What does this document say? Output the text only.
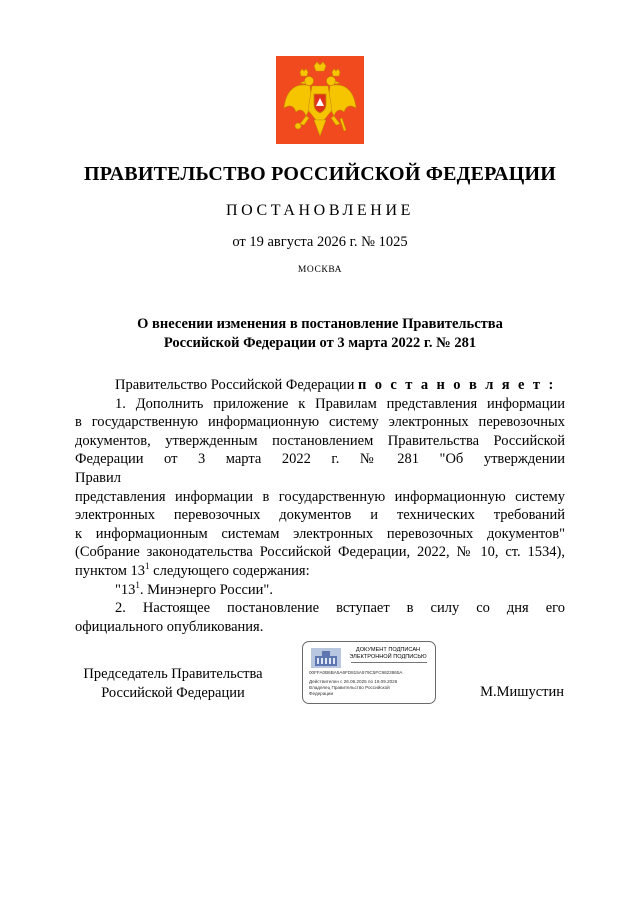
ПРАВИТЕЛЬСТВО РОССИЙСКОЙ ФЕДЕРАЦИИ
ПОСТАНОВЛЕНИЕ
от 19 августа 2026 г. № 1025
МОСКВА
О внесении изменения в постановление Правительства
Российской Федерации от 3 марта 2022 г. № 281

Правительство Российской Федерации п о с т а н о в л я е т :

1. Дополнить приложение к Правилам представления информации
в государственную информационную систему электронных перевозочных
документов, утвержденным постановлением Правительства Российской
Федерации от 3 марта 2022 г. № 281 "Об утверждении Правил
представления информации в государственную информационную систему
электронных перевозочных документов и технических требований
к информационным системам электронных перевозочных документов"
(Собрание законодательства Российской Федерации, 2022, № 10, ст. 1534),
пунктом $13^1$ следующего содержания:
"$13^1$. Минэнерго России".
2. Настоящее постановление вступает в силу со дня его
официального опубликования.
Председатель Правительства
Российской Федерации
ДОКУМЕНТ ПОДПИСАН
ЭЛЕКТРОННОЙ ПОДПИСЬЮ
00FFA0B6BA5A6FD815A579C5FC9823865A
Действителен с 26.06.2025 по 19.09.2026
Владелец Правительство Российской
Федерации	М.Мишустин
